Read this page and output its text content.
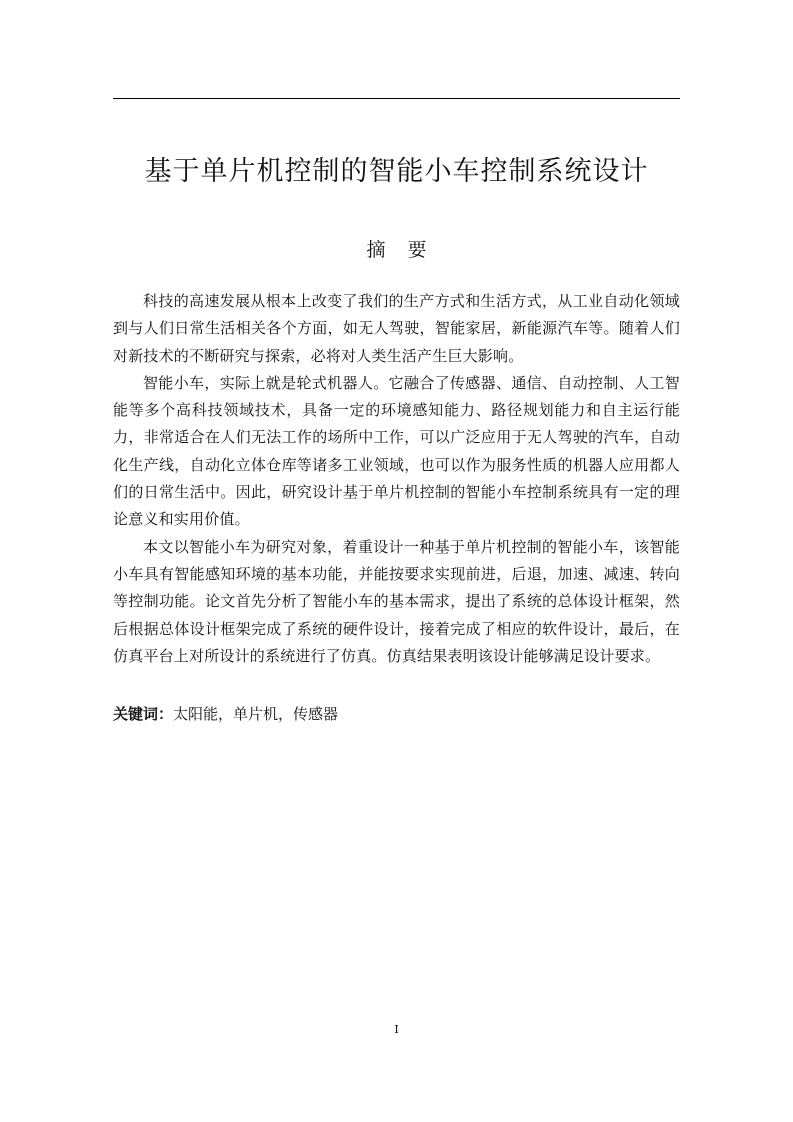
基于单片机控制的智能小车控制系统设计
摘要

科技的高速发展从根本上改变了我们的生产方式和生活方式，从工业自动化领域到与人们日常生活相关各个方面，如无人驾驶，智能家居，新能源汽车等。随着人们对新技术的不断研究与探索，必将对人类生活产生巨大影响。

智能小车，实际上就是轮式机器人。它融合了传感器、通信、自动控制、人工智能等多个高科技领域技术，具备一定的环境感知能力、路径规划能力和自主运行能力，非常适合在人们无法工作的场所中工作，可以广泛应用于无人驾驶的汽车，自动化生产线，自动化立体仓库等诸多工业领域，也可以作为服务性质的机器人应用都人们的日常生活中。因此，研究设计基于单片机控制的智能小车控制系统具有一定的理论意义和实用价值。

本文以智能小车为研究对象，着重设计一种基于单片机控制的智能小车，该智能小车具有智能感知环境的基本功能，并能按要求实现前进，后退，加速、减速、转向等控制功能。论文首先分析了智能小车的基本需求，提出了系统的总体设计框架，然后根据总体设计框架完成了系统的硬件设计，接着完成了相应的软件设计，最后，在仿真平台上对所设计的系统进行了仿真。仿真结果表明该设计能够满足设计要求。

关键词：太阳能，单片机，传感器
I
